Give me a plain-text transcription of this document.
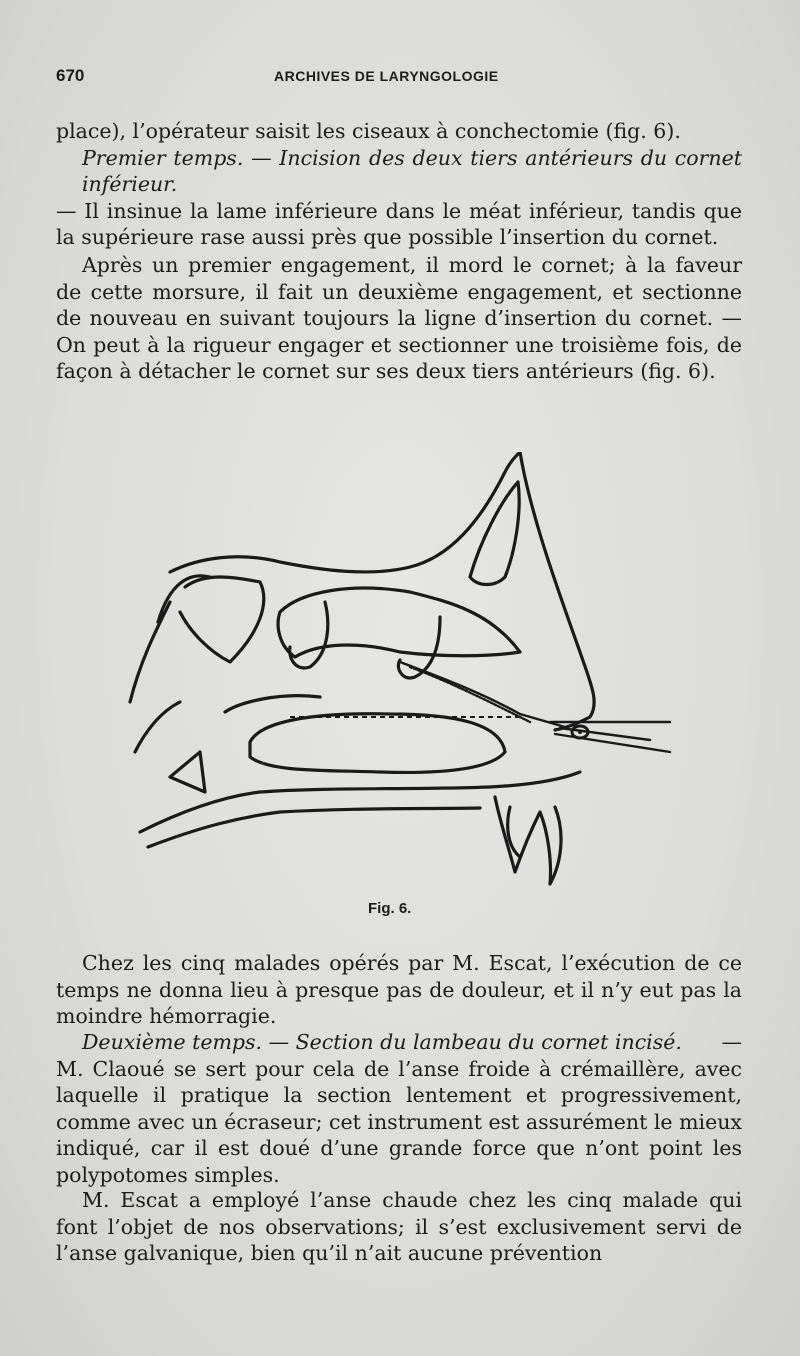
670	ARCHIVES DE LARYNGOLOGIE

place), l’opérateur saisit les ciseaux à conchectomie (fig. 6).
Premier temps. — Incision des deux tiers antérieurs du cornet inférieur. — Il insinue la lame inférieure dans le méat inférieur, tandis que la supérieure rase aussi près que possible l’insertion du cornet.

Après un premier engagement, il mord le cornet; à la faveur de cette morsure, il fait un deuxième engagement, et sectionne de nouveau en suivant toujours la ligne d’insertion du cornet. — On peut à la rigueur engager et sectionner une troisième fois, de façon à détacher le cornet sur ses deux tiers antérieurs (fig. 6).

Fig. 6.

Chez les cinq malades opérés par M. Escat, l’exécution de ce temps ne donna lieu à presque pas de douleur, et il n’y eut pas la moindre hémorragie.

Deuxième temps. — Section du lambeau du cornet incisé. — M. Claoué se sert pour cela de l’anse froide à crémaillère, avec laquelle il pratique la section lentement et progressivement, comme avec un écraseur; cet instrument est assurément le mieux indiqué, car il est doué d’une grande force que n’ont point les polypotomes simples.

M. Escat a employé l’anse chaude chez les cinq malade qui font l’objet de nos observations; il s’est exclusivement servi de l’anse galvanique, bien qu’il n’ait aucune prévention
